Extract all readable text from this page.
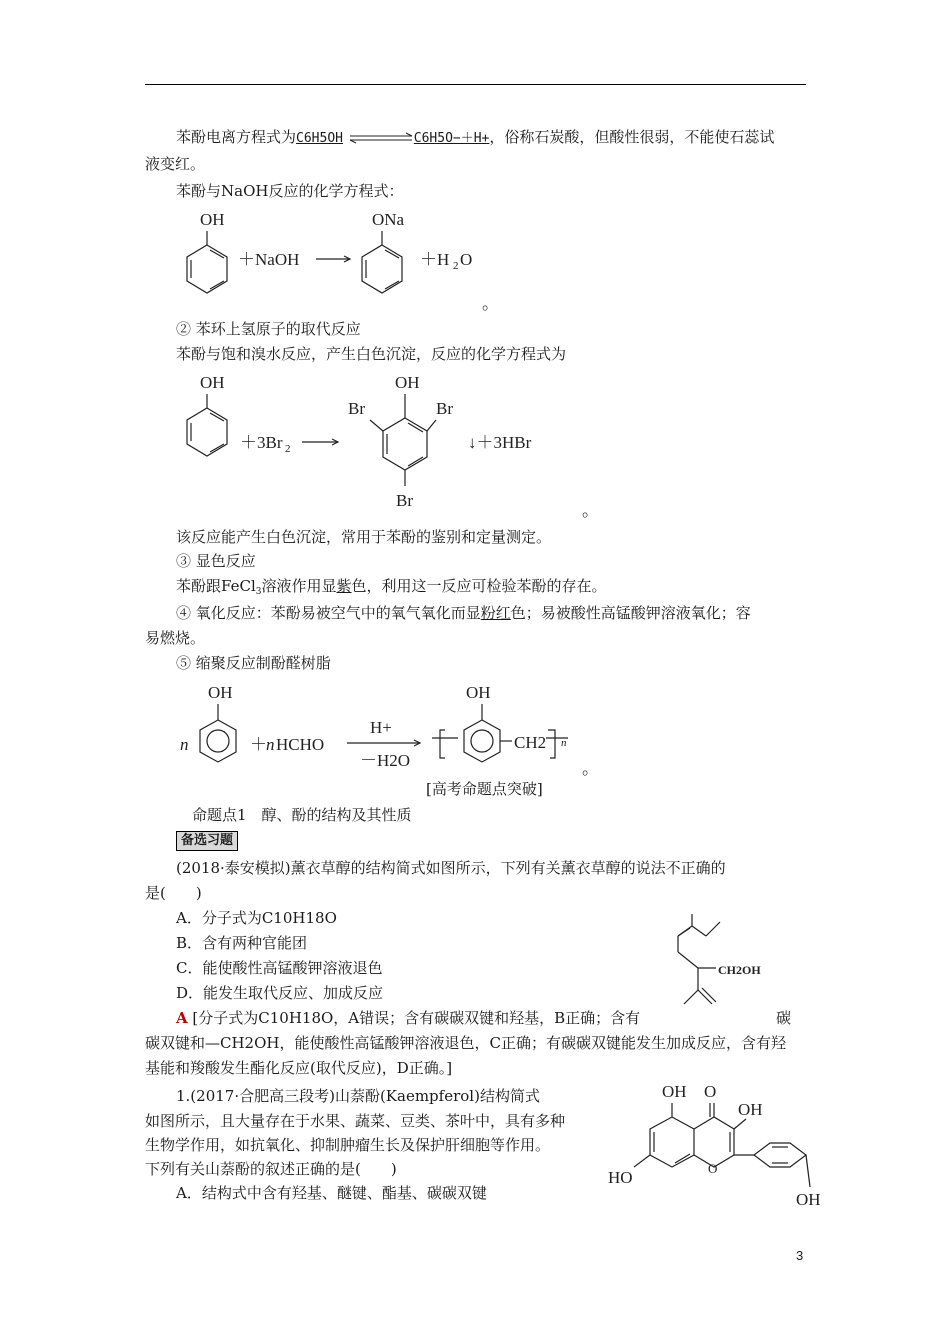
苯酚电离方程式为C6H5OH	C6H5O−＋H+，俗称石炭酸，但酸性很弱，不能使石蕊试
液变红。
苯酚与NaOH反应的化学方程式：
OH
＋NaOH
ONa
＋H 2 O
。
② 苯环上氢原子的取代反应
苯酚与饱和溴水反应，产生白色沉淀，反应的化学方程式为
OH
＋3Br 2
OH
Br	Br
Br
↓＋3HBr
。
该反应能产生白色沉淀，常用于苯酚的鉴别和定量测定。
③ 显色反应
苯酚跟FeCl$_3$溶液作用显紫色，利用这一反应可检验苯酚的存在。
④ 氧化反应：苯酚易被空气中的氧气氧化而显粉红色；易被酸性高锰酸钾溶液氧化；容
易燃烧。
⑤ 缩聚反应制酚醛树脂
n
OH
＋ n HCHO
H+
－H2O
OH
CH2 n
。
[高考命题点突破]
命题点1　醇、酚的结构及其性质
备选习题
(2018·泰安模拟)薰衣草醇的结构简式如图所示，下列有关薰衣草醇的说法不正确的
是(　　)
A．分子式为C10H18O
B．含有两种官能团
C．能使酸性高锰酸钾溶液退色
D．能发生取代反应、加成反应
CH2OH
A [分子式为C10H18O，A错误；含有碳碳双键和羟基，B正确；含有	碳
碳双键和—CH2OH，能使酸性高锰酸钾溶液退色，C正确；有碳碳双键能发生加成反应，含有羟
基能和羧酸发生酯化反应(取代反应)，D正确。]
1.(2017·合肥高三段考)山萘酚(Kaempferol)结构简式
如图所示，且大量存在于水果、蔬菜、豆类、茶叶中，具有多种
生物学作用，如抗氧化、抑制肿瘤生长及保护肝细胞等作用。
下列有关山萘酚的叙述正确的是(　　)
A．结构式中含有羟基、醚键、酯基、碳碳双键
OH O
OH
HO
OH
O
3
